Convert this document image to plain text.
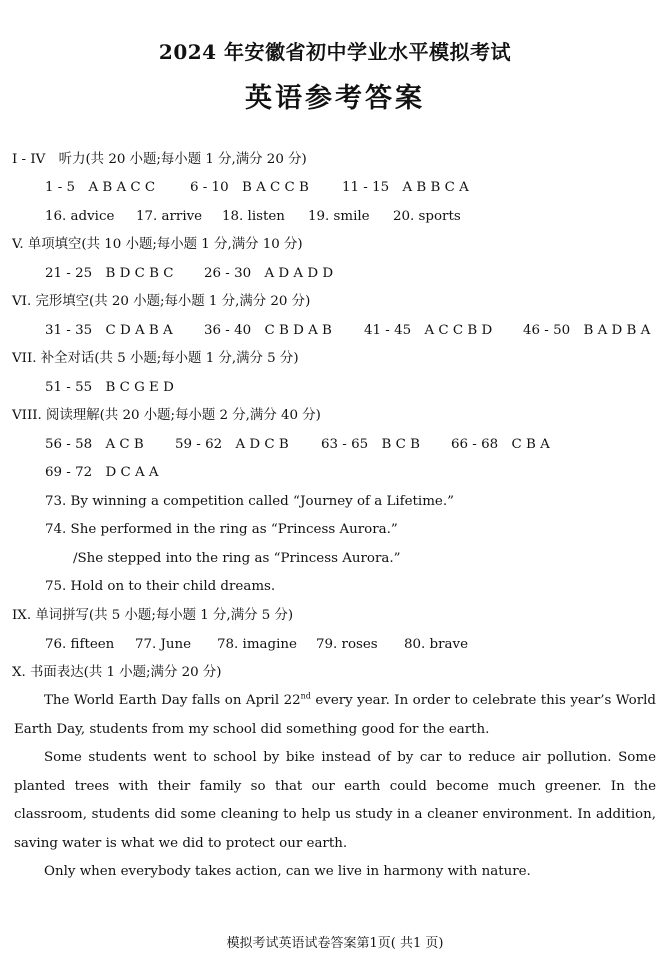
2024 年安徽省初中学业水平模拟考试
英语参考答案
I - IV　听力(共 20 小题;每小题 1 分,满分 20 分)
1 - 5　A B A C C	6 - 10　B A C C B 11 - 15　A B B C A
16. advice 17. arrive 18. listen 19. smile 20. sports
V. 单项填空(共 10 小题;每小题 1 分,满分 10 分)
21 - 25　B D C B C 26 - 30　A D A D D
VI. 完形填空(共 20 小题;每小题 1 分,满分 20 分)
31 - 35　C D A B A 36 - 40　C B D A B 41 - 45　A C C B D 46 - 50　B A D B A
VII. 补全对话(共 5 小题;每小题 1 分,满分 5 分)
51 - 55　B C G E D
VIII. 阅读理解(共 20 小题;每小题 2 分,满分 40 分)
56 - 58　A C B 59 - 62　A D C B 63 - 65　B C B 66 - 68　C B A
69 - 72　D C A A
73. By winning a competition called “Journey of a Lifetime.”
74. She performed in the ring as “Princess Aurora.”
/She stepped into the ring as “Princess Aurora.”
75. Hold on to their child dreams.
IX. 单词拼写(共 5 小题;每小题 1 分,满分 5 分)
76. fifteen 77. June 78. imagine 79. roses 80. brave
X. 书面表达(共 1 小题;满分 20 分)
The World Earth Day falls on April 22nd every year. In order to celebrate this year’s World Earth Day, students from my school did something good for the earth.
Some students went to school by bike instead of by car to reduce air pollution. Some planted trees with their family so that our earth could become much greener. In the classroom, students did some cleaning to help us study in a cleaner environment. In addition, saving water is what we did to protect our earth.
Only when everybody takes action, can we live in harmony with nature.
模拟考试英语试卷答案第1页( 共1 页)
